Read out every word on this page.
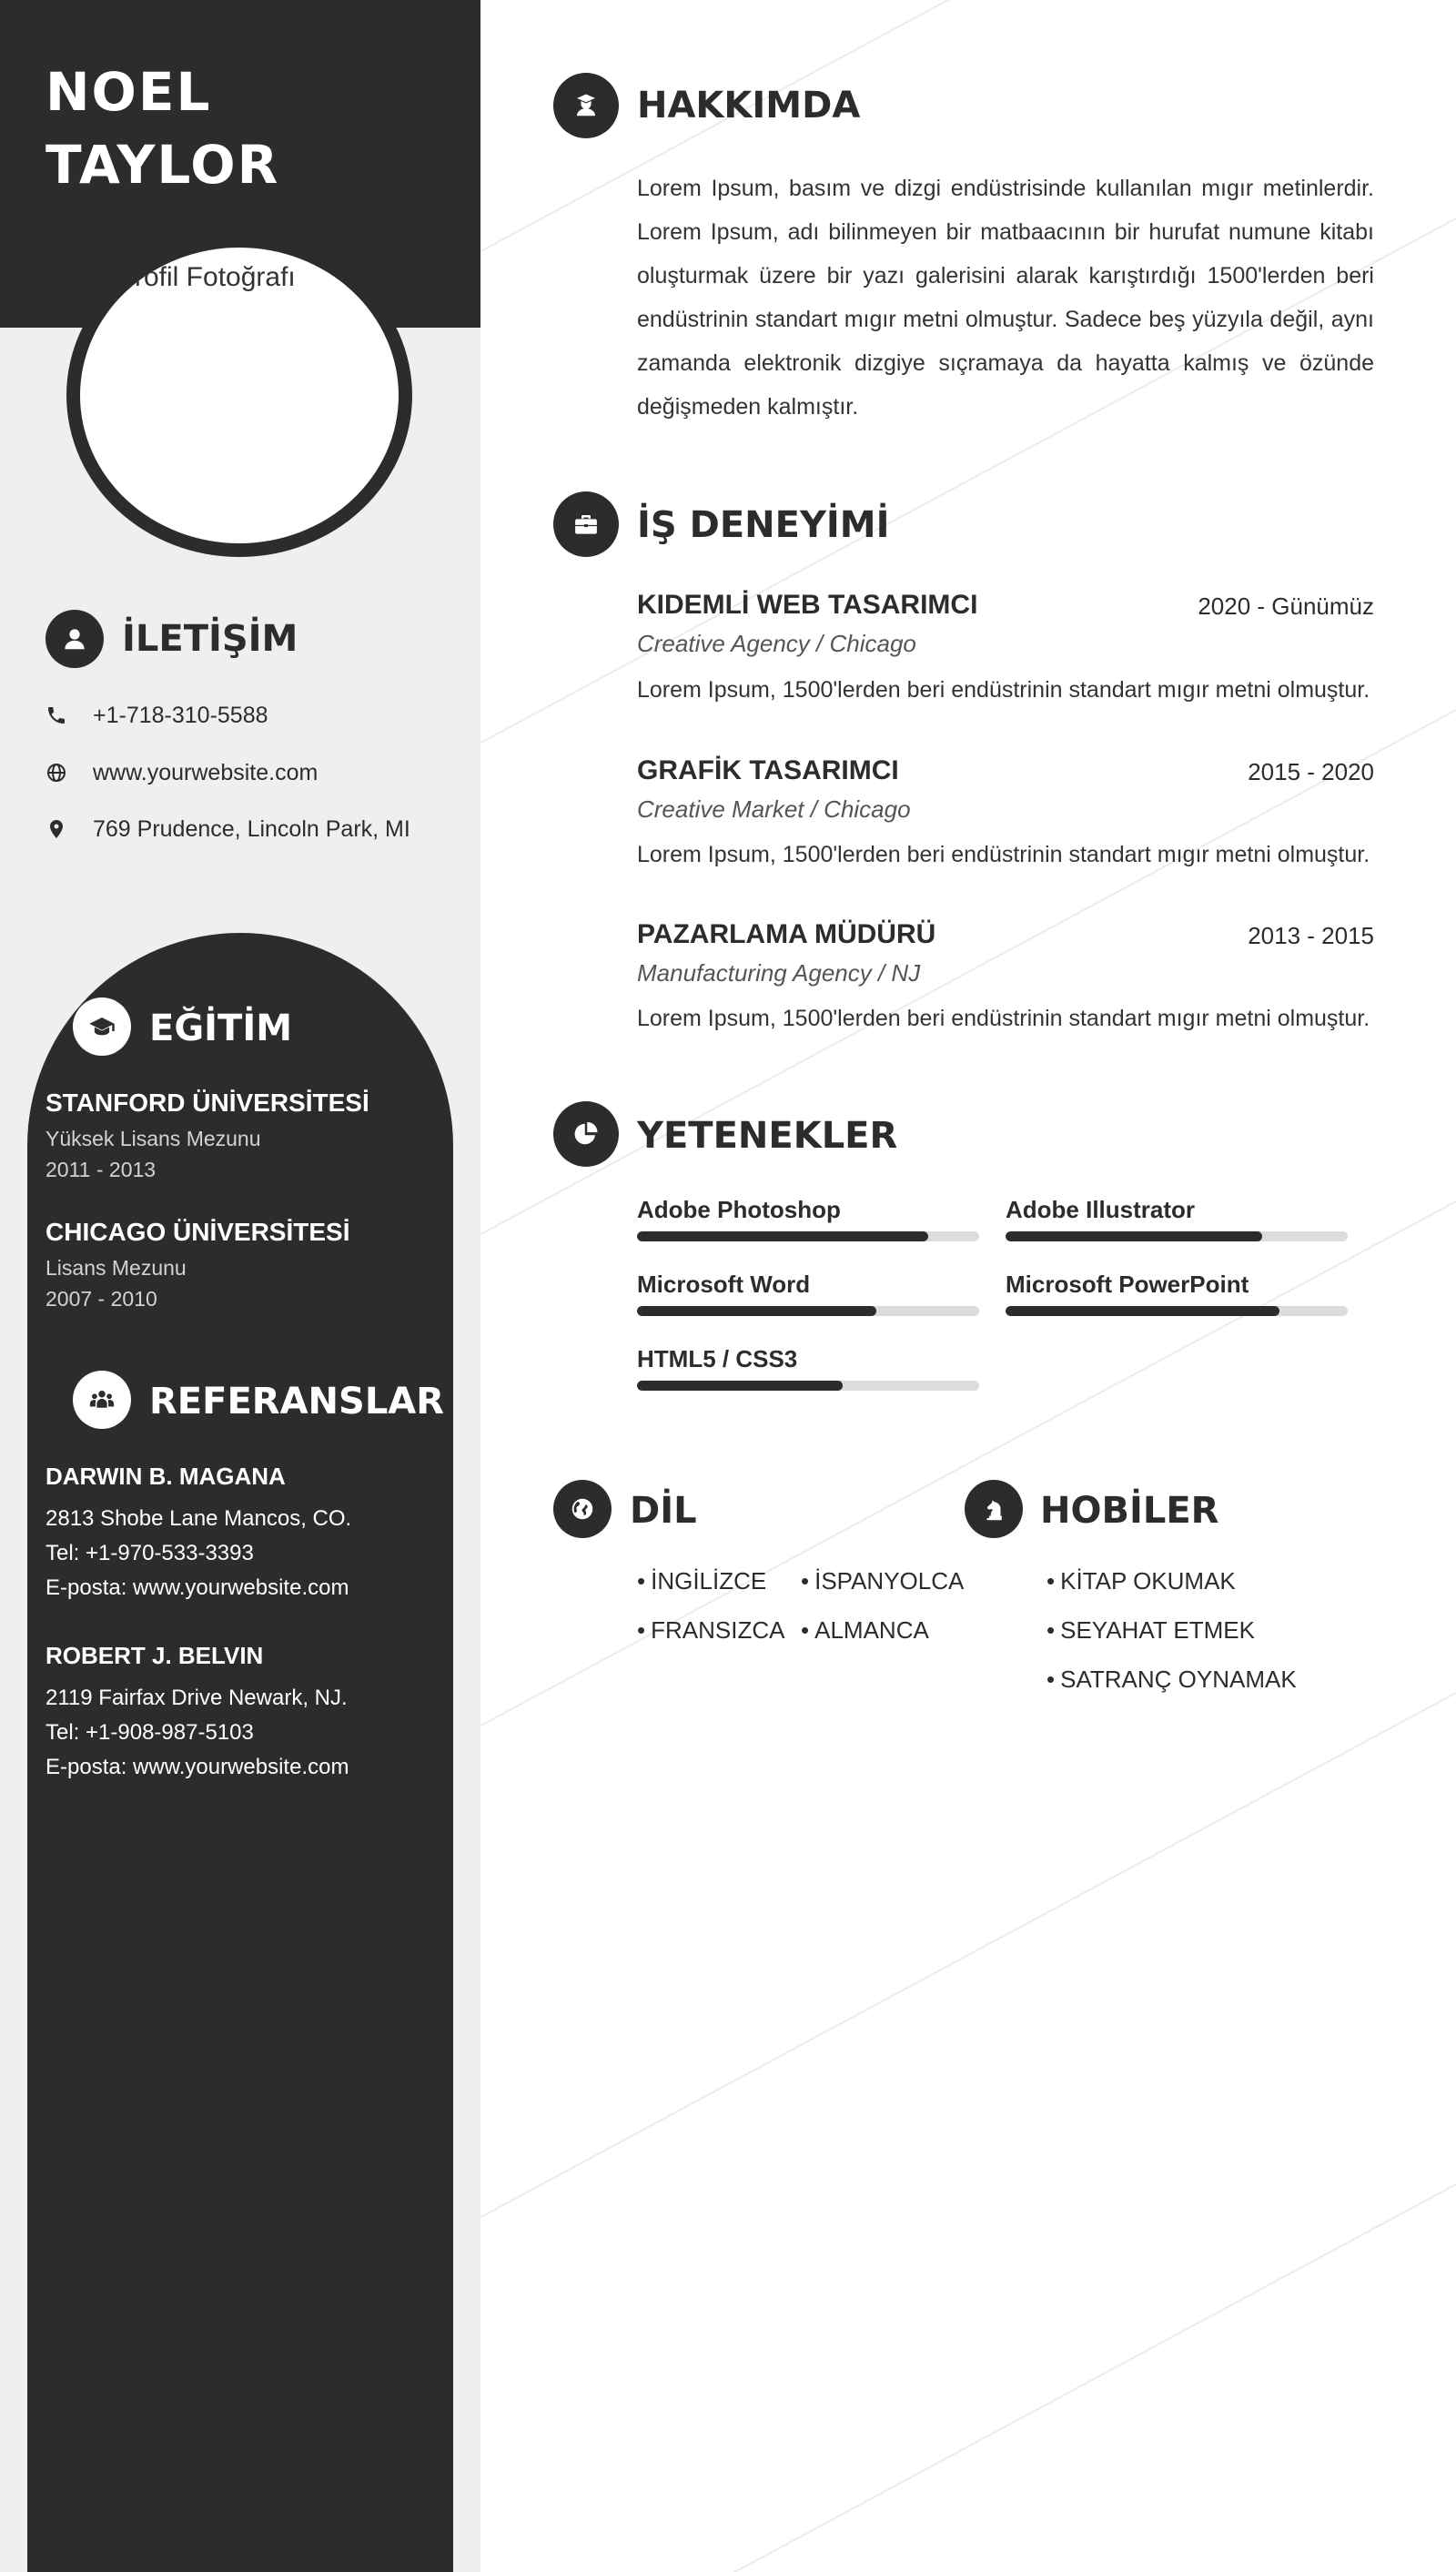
NOEL
TAYLOR
Profil Fotoğrafı
İLETİŞİM
+1-718-310-5588
www.yourwebsite.com
769 Prudence, Lincoln Park, MI
EĞİTİM
STANFORD ÜNİVERSİTESİ
Yüksek Lisans Mezunu
2011 - 2013
CHICAGO ÜNİVERSİTESİ
Lisans Mezunu
2007 - 2010
REFERANSLAR
DARWIN B. MAGANA
2813 Shobe Lane Mancos, CO.
Tel: +1-970-533-3393
E-posta: www.yourwebsite.com
ROBERT J. BELVIN
2119 Fairfax Drive Newark, NJ.
Tel: +1-908-987-5103
E-posta: www.yourwebsite.com
HAKKIMDA
Lorem Ipsum, basım ve dizgi endüstrisinde kullanılan mıgır metinlerdir. Lorem Ipsum, adı bilinmeyen bir matbaacının bir hurufat numune kitabı oluşturmak üzere bir yazı galerisini alarak karıştırdığı 1500'lerden beri endüstrinin standart mıgır metni olmuştur. Sadece beş yüzyıla değil, aynı zamanda elektronik dizgiye sıçramaya da hayatta kalmış ve özünde değişmeden kalmıştır.
İŞ DENEYİMİ
KIDEMLİ WEB TASARIMCI	2020 - Günümüz
Creative Agency / Chicago
Lorem Ipsum, 1500'lerden beri endüstrinin standart mıgır metni olmuştur.
GRAFİK TASARIMCI	2015 - 2020
Creative Market / Chicago
Lorem Ipsum, 1500'lerden beri endüstrinin standart mıgır metni olmuştur.
PAZARLAMA MÜDÜRÜ	2013 - 2015
Manufacturing Agency / NJ
Lorem Ipsum, 1500'lerden beri endüstrinin standart mıgır metni olmuştur.
YETENEKLER
Adobe Photoshop	Adobe Illustrator
Microsoft Word	Microsoft PowerPoint
HTML5 / CSS3
DİL
• İNGİLİZCE	• İSPANYOLCA
• FRANSIZCA	• ALMANCA
HOBİLER
• KİTAP OKUMAK
• SEYAHAT ETMEK
• SATRANÇ OYNAMAK
